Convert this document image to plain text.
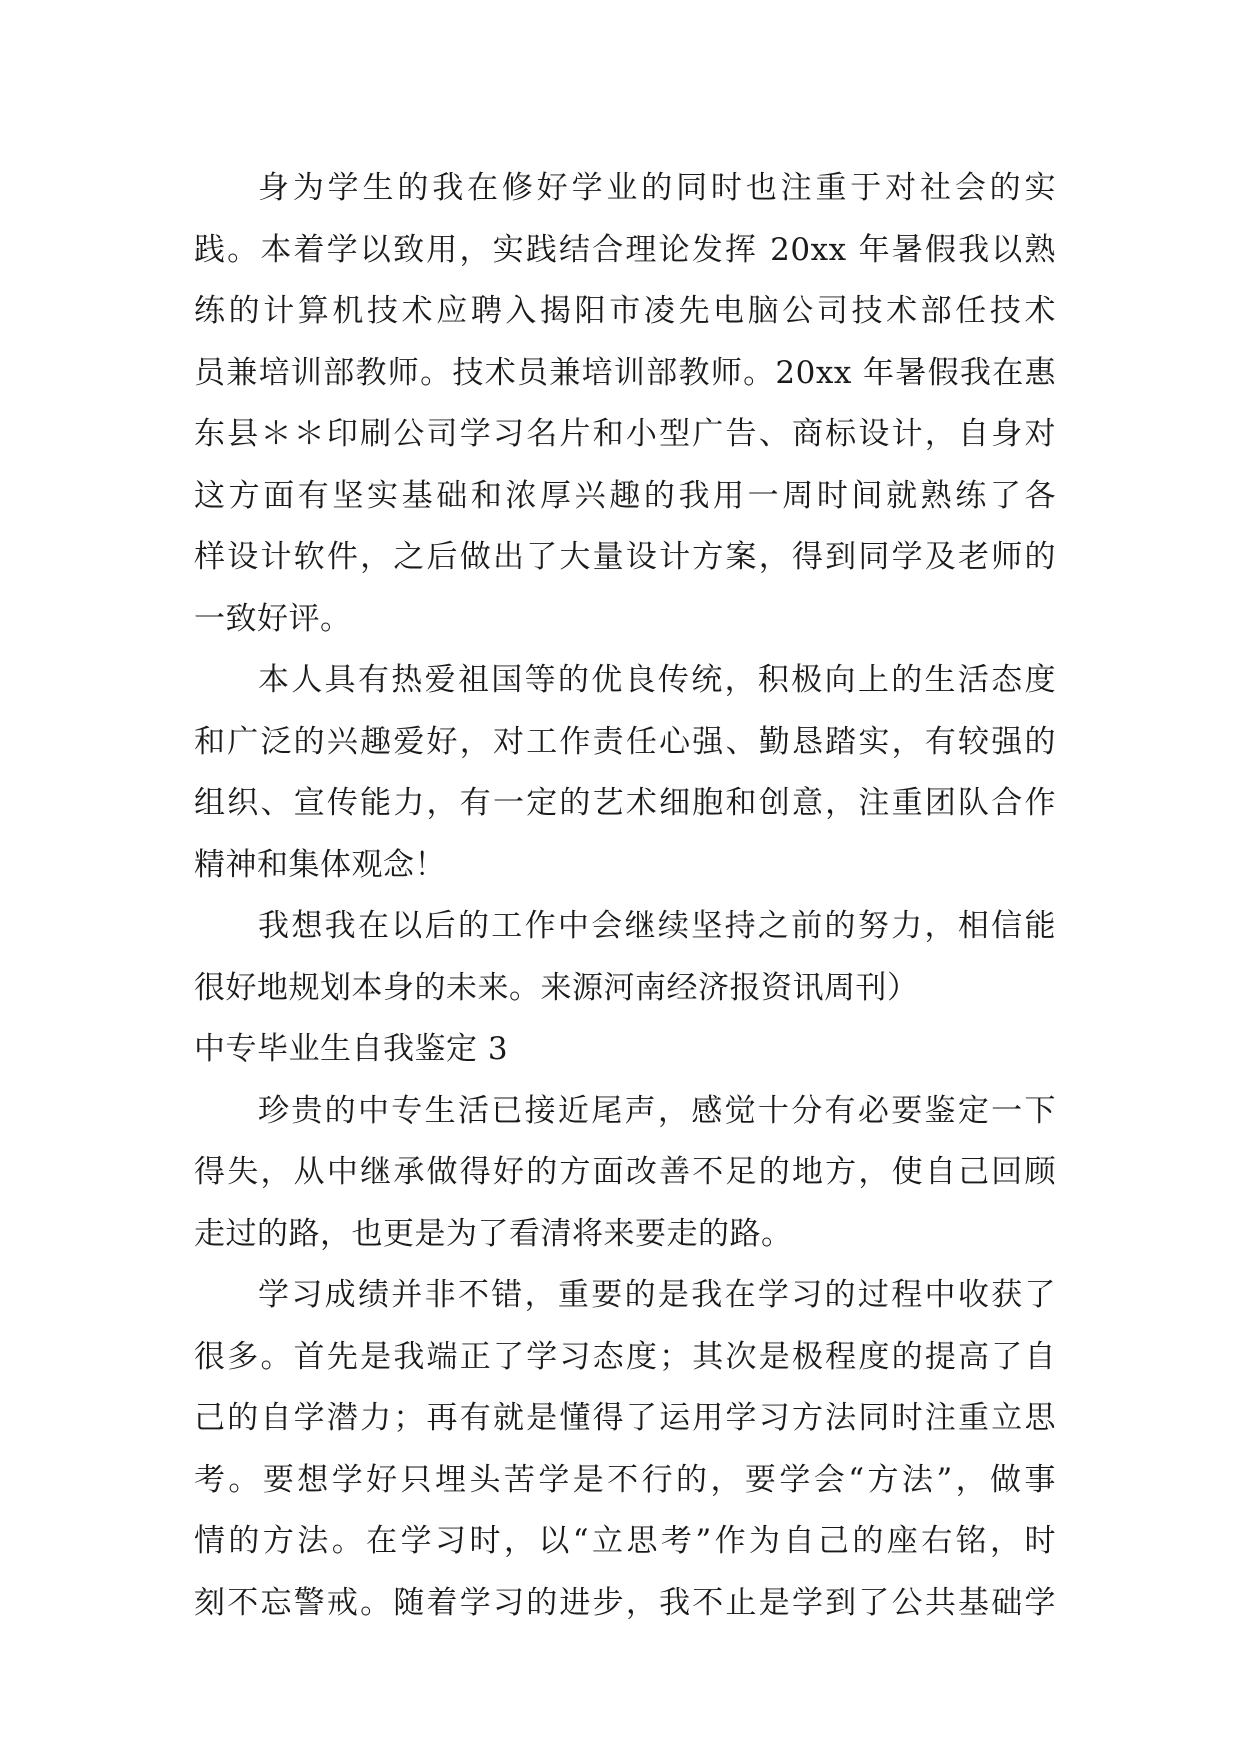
身为学生的我在修好学业的同时也注重于对社会的实
践。本着学以致用，实践结合理论发挥 20xx 年暑假我以熟
练的计算机技术应聘入揭阳市凌先电脑公司技术部任技术
员兼培训部教师。技术员兼培训部教师。20xx 年暑假我在惠
东县＊＊印刷公司学习名片和小型广告、商标设计，自身对
这方面有坚实基础和浓厚兴趣的我用一周时间就熟练了各
样设计软件，之后做出了大量设计方案，得到同学及老师的
一致好评。
本人具有热爱祖国等的优良传统，积极向上的生活态度
和广泛的兴趣爱好，对工作责任心强、勤恳踏实，有较强的
组织、宣传能力，有一定的艺术细胞和创意，注重团队合作
精神和集体观念！
我想我在以后的工作中会继续坚持之前的努力，相信能
很好地规划本身的未来。来源河南经济报资讯周刊）
中专毕业生自我鉴定 3
珍贵的中专生活已接近尾声，感觉十分有必要鉴定一下
得失，从中继承做得好的方面改善不足的地方，使自己回顾
走过的路，也更是为了看清将来要走的路。
学习成绩并非不错，重要的是我在学习的过程中收获了
很多。首先是我端正了学习态度；其次是极程度的提高了自
己的自学潜力；再有就是懂得了运用学习方法同时注重立思
考。要想学好只埋头苦学是不行的，要学会“方法”，做事
情的方法。在学习时，以“立思考”作为自己的座右铭，时
刻不忘警戒。随着学习的进步，我不止是学到了公共基础学
